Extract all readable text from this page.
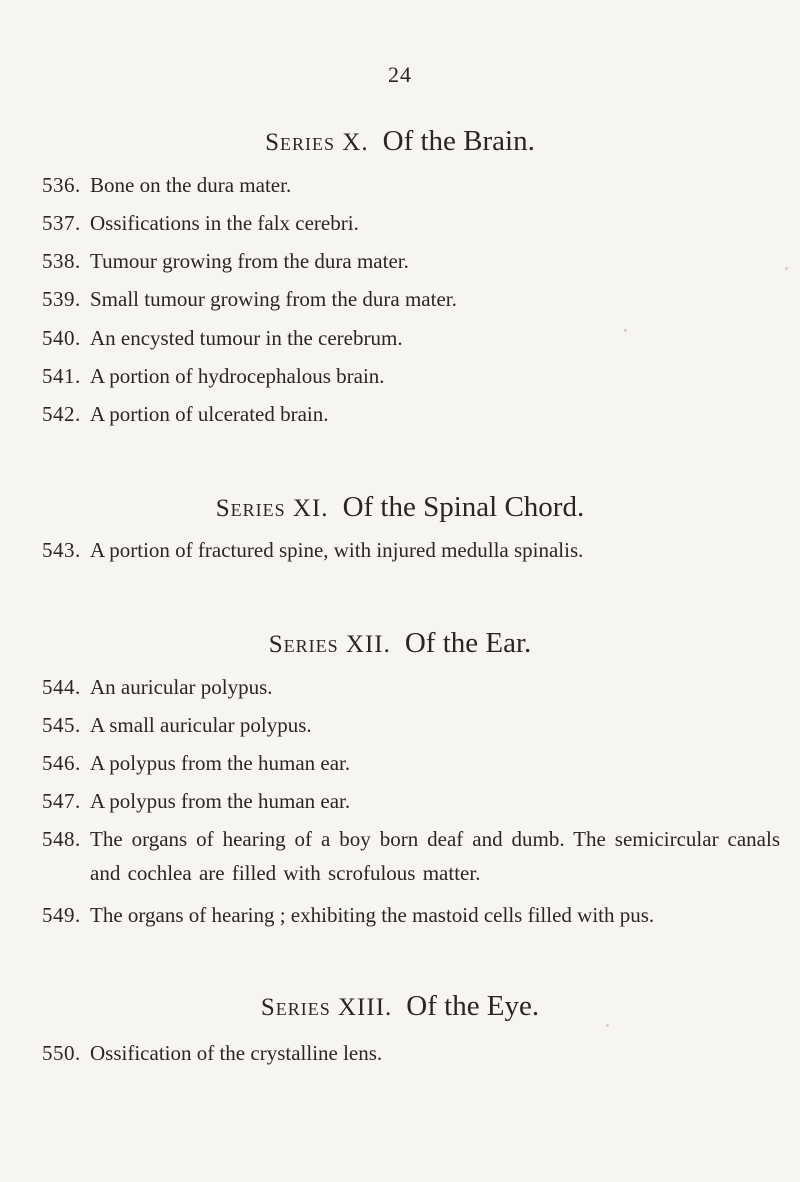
24
Series X. Of the Brain.
536. Bone on the dura mater.
537. Ossifications in the falx cerebri.
538. Tumour growing from the dura mater.
539. Small tumour growing from the dura mater.
540. An encysted tumour in the cerebrum.
541. A portion of hydrocephalous brain.
542. A portion of ulcerated brain.
Series XI. Of the Spinal Chord.
543. A portion of fractured spine, with injured medulla spinalis.
Series XII. Of the Ear.
544. An auricular polypus.
545. A small auricular polypus.
546. A polypus from the human ear.
547. A polypus from the human ear.
548. The organs of hearing of a boy born deaf and dumb. The semicircular canals and cochlea are filled with scrofulous matter.
549. The organs of hearing ; exhibiting the mastoid cells filled with pus.
Series XIII. Of the Eye.
550. Ossification of the crystalline lens.
